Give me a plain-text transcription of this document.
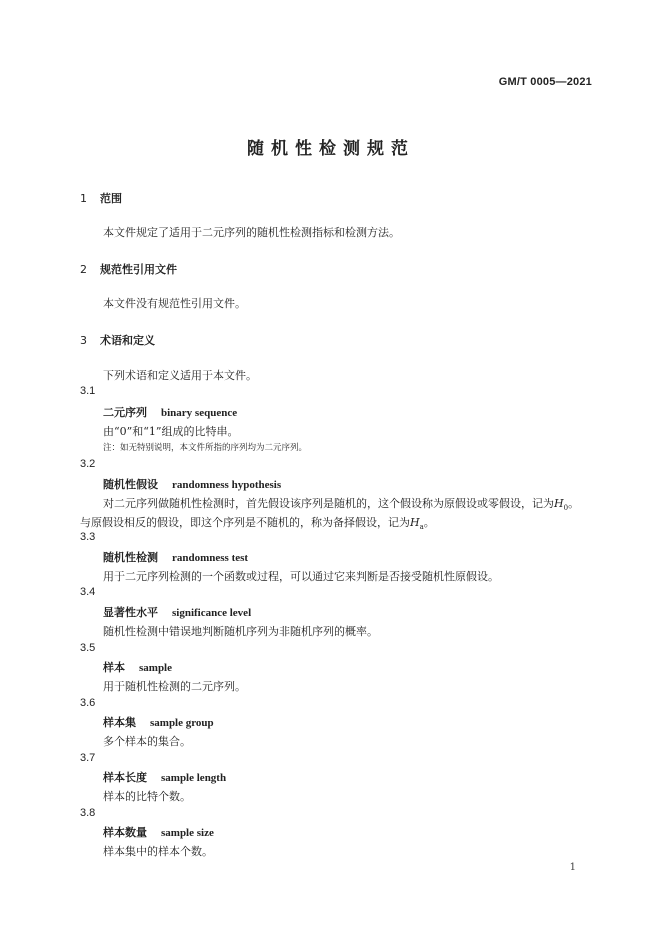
GM/T 0005—2021
随机性检测规范
1 范围
本文件规定了适用于二元序列的随机性检测指标和检测方法。
2 规范性引用文件
本文件没有规范性引用文件。
3 术语和定义
下列术语和定义适用于本文件。
3.1
二元序列 binary sequence
由“0”和“1”组成的比特串。
注：如无特别说明，本文件所指的序列均为二元序列。
3.2
随机性假设 randomness hypothesis
对二元序列做随机性检测时，首先假设该序列是随机的，这个假设称为原假设或零假设，记为$H_0$。
与原假设相反的假设，即这个序列是不随机的，称为备择假设，记为$H_a$。
3.3
随机性检测 randomness test
用于二元序列检测的一个函数或过程，可以通过它来判断是否接受随机性原假设。
3.4
显著性水平 significance level
随机性检测中错误地判断随机序列为非随机序列的概率。
3.5
样本 sample
用于随机性检测的二元序列。
3.6
样本集 sample group
多个样本的集合。
3.7
样本长度 sample length
样本的比特个数。
3.8
样本数量 sample size
样本集中的样本个数。
1
